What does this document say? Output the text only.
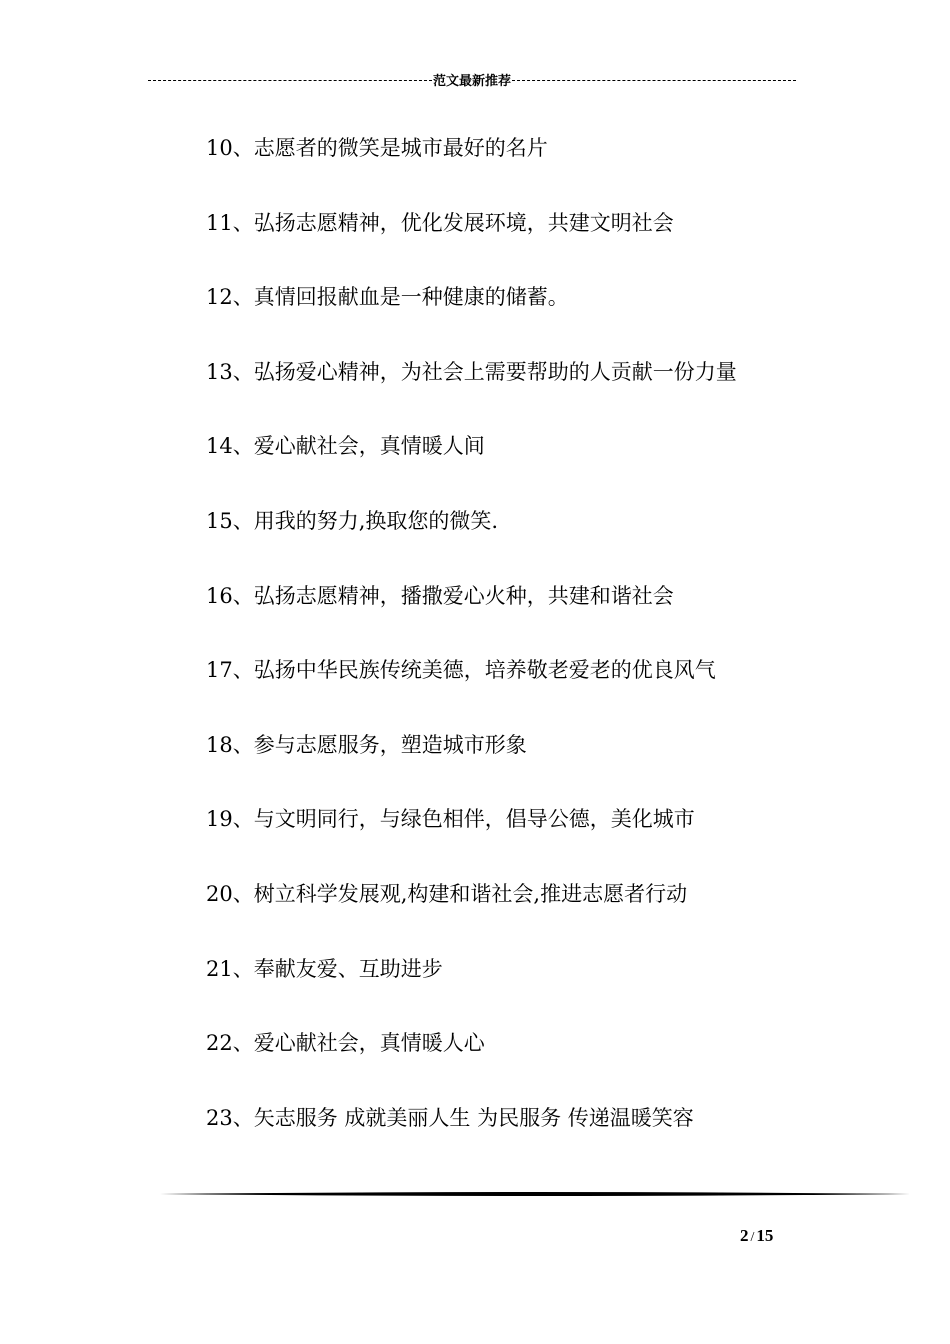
范文最新推荐
10、志愿者的微笑是城市最好的名片
11、弘扬志愿精神，优化发展环境，共建文明社会
12、真情回报献血是一种健康的储蓄。
13、弘扬爱心精神，为社会上需要帮助的人贡献一份力量
14、爱心献社会，真情暖人间
15、用我的努力,换取您的微笑.
16、弘扬志愿精神，播撒爱心火种，共建和谐社会
17、弘扬中华民族传统美德，培养敬老爱老的优良风气
18、参与志愿服务，塑造城市形象
19、与文明同行，与绿色相伴，倡导公德，美化城市
20、树立科学发展观,构建和谐社会,推进志愿者行动
21、奉献友爱、互助进步
22、爱心献社会，真情暖人心
23、矢志服务 成就美丽人生 为民服务 传递温暖笑容
2 / 15
